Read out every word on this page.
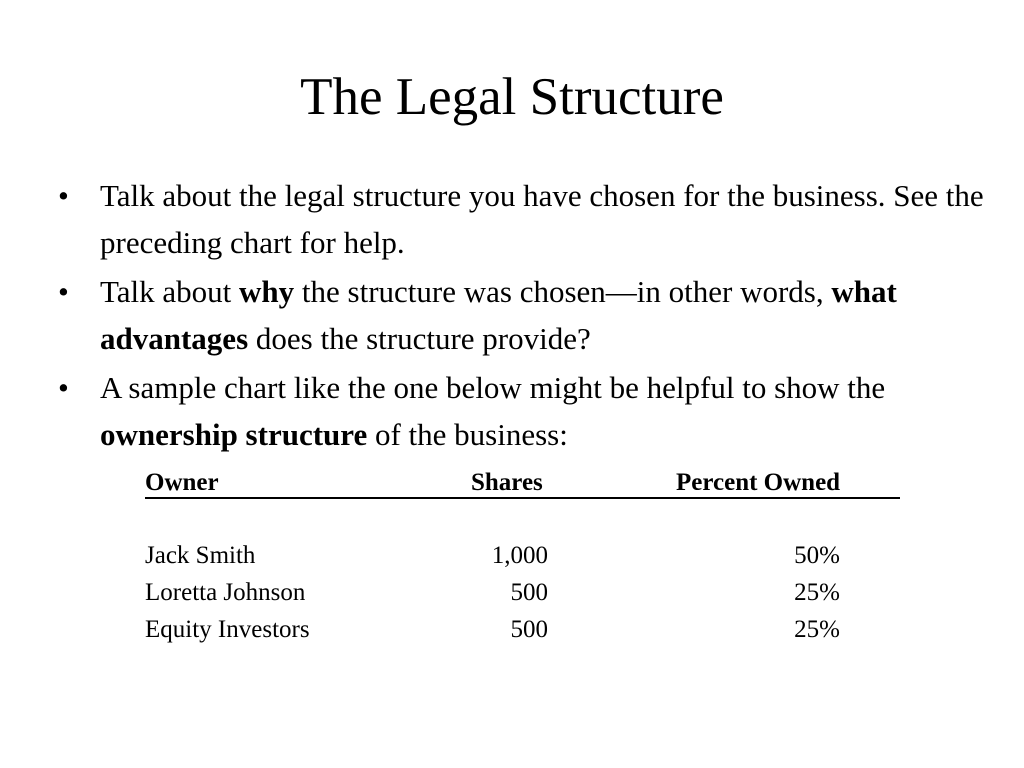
The Legal Structure
•	Talk about the legal structure you have chosen for the business. See the preceding chart for help.
•	Talk about why the structure was chosen—in other words, what advantages does the structure provide?
•	A sample chart like the one below might be helpful to show the ownership structure of the business:
Owner	Shares	Percent Owned
Jack Smith	1,000	50%
Loretta Johnson	500	25%
Equity Investors	500	25%
